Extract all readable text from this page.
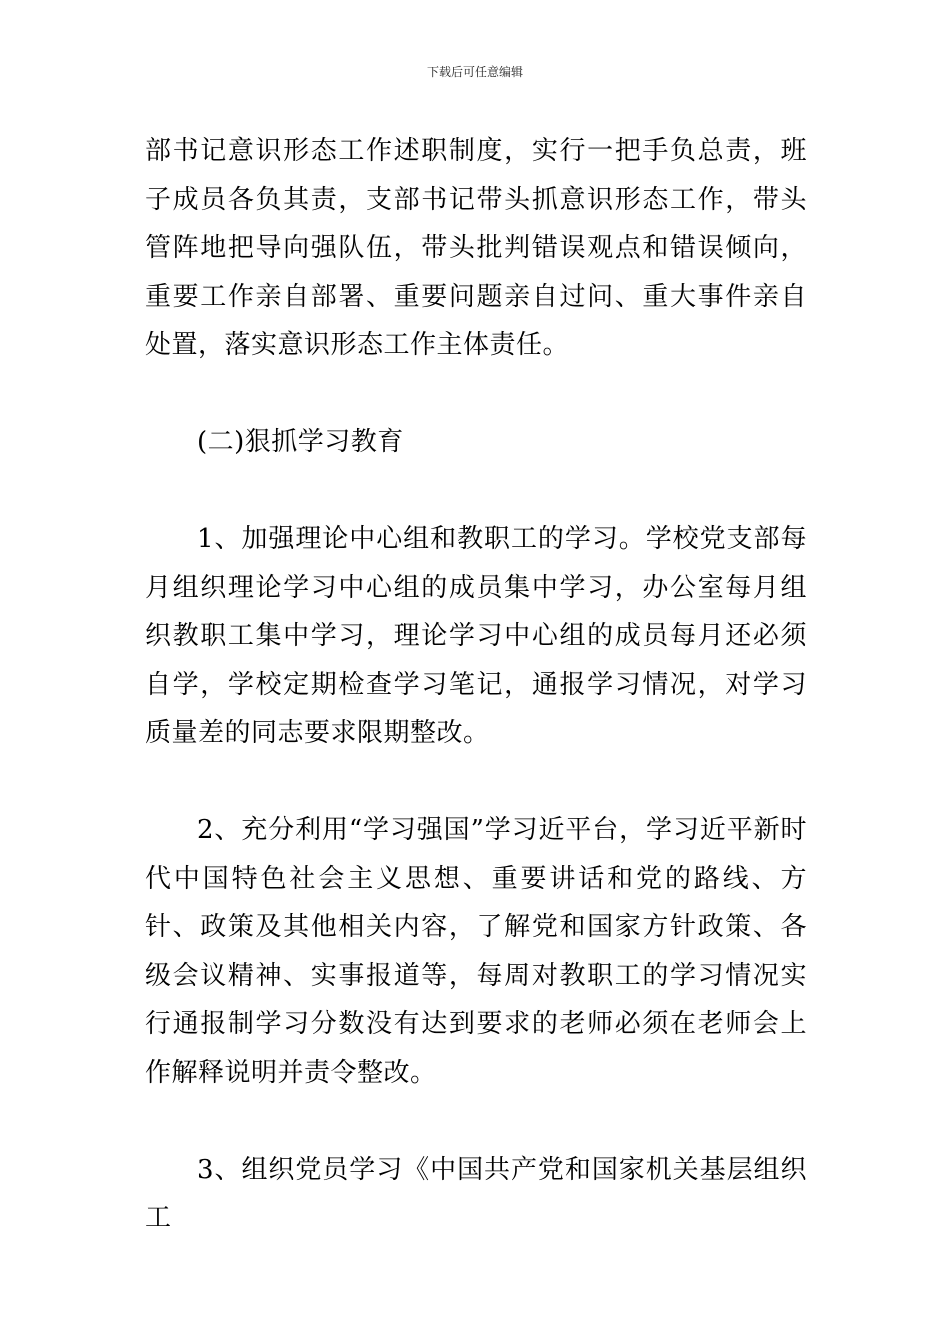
下载后可任意编辑

部书记意识形态工作述职制度，实行一把手负总责，班子成员各负其责，支部书记带头抓意识形态工作，带头管阵地把导向强队伍，带头批判错误观点和错误倾向，重要工作亲自部署、重要问题亲自过问、重大事件亲自处置，落实意识形态工作主体责任。

(二)狠抓学习教育

1、加强理论中心组和教职工的学习。学校党支部每月组织理论学习中心组的成员集中学习，办公室每月组织教职工集中学习，理论学习中心组的成员每月还必须自学，学校定期检查学习笔记，通报学习情况，对学习质量差的同志要求限期整改。

2、充分利用“学习强国”学习近平台，学习近平新时代中国特色社会主义思想、重要讲话和党的路线、方针、政策及其他相关内容，了解党和国家方针政策、各级会议精神、实事报道等，每周对教职工的学习情况实行通报制学习分数没有达到要求的老师必须在老师会上作解释说明并责令整改。

3、组织党员学习《中国共产党和国家机关基层组织工
